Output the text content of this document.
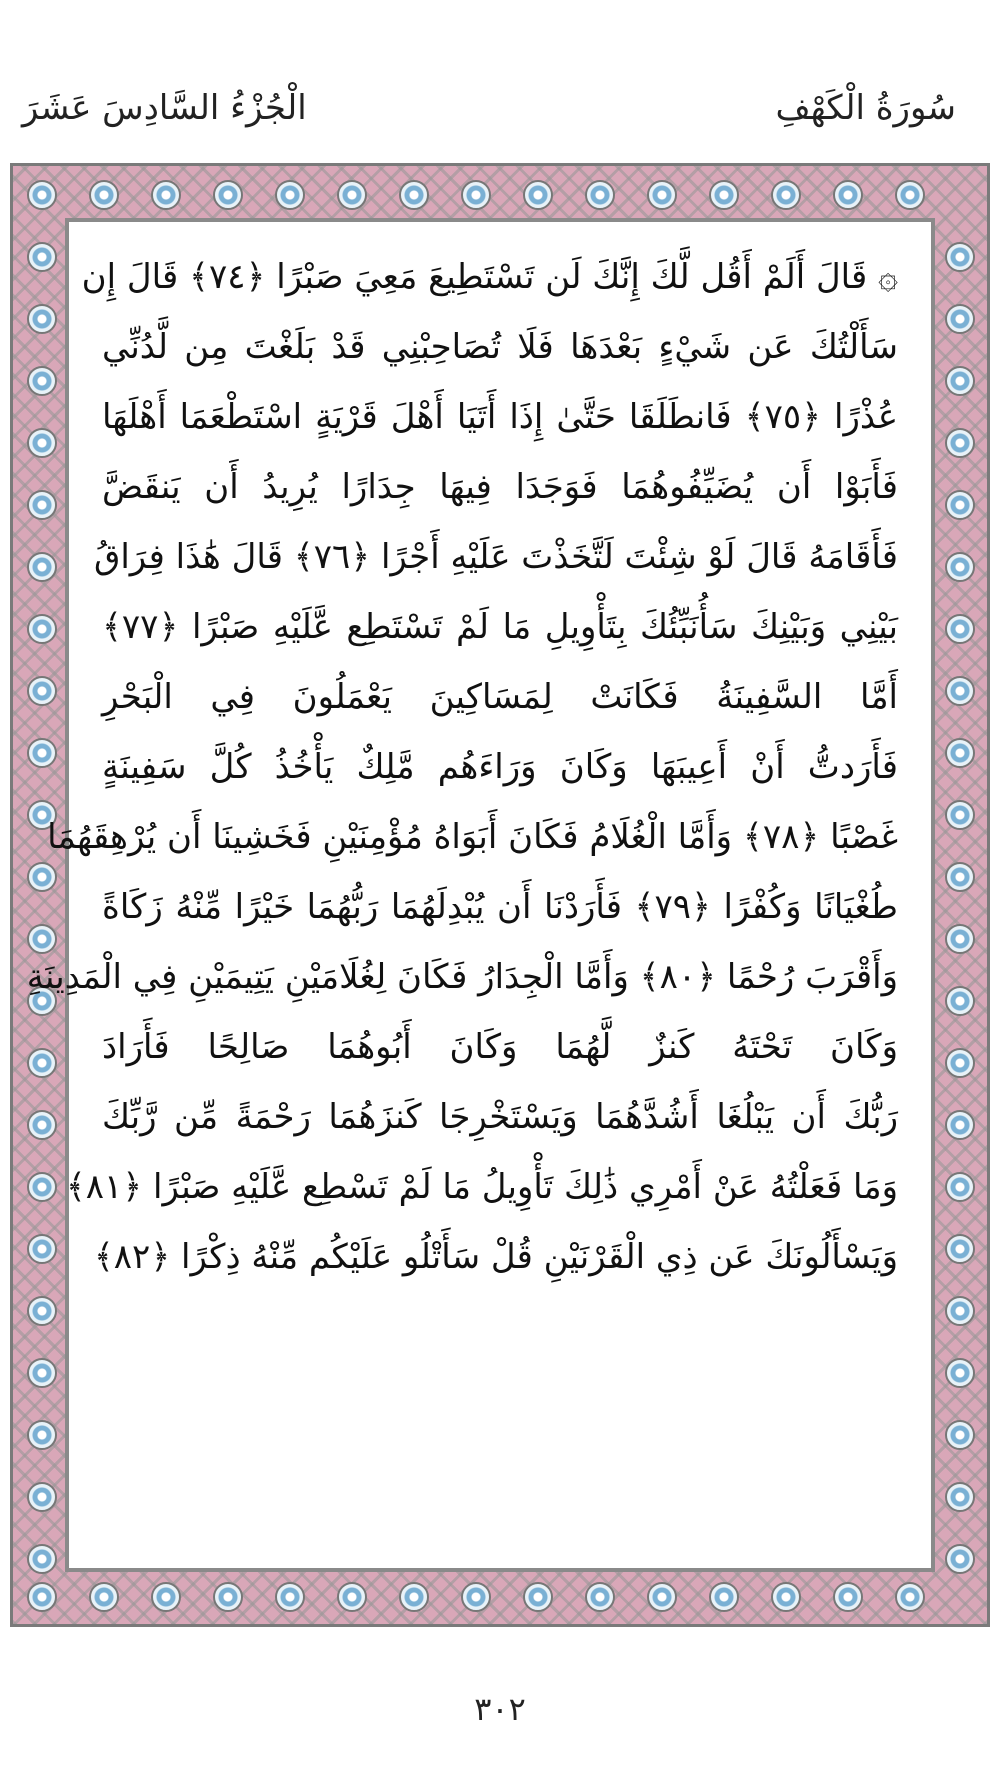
سُورَةُ الْكَهْفِ
الْجُزْءُ السَّادِسَ عَشَرَ
۞ قَالَ أَلَمْ أَقُل لَّكَ إِنَّكَ لَن تَسْتَطِيعَ مَعِيَ صَبْرًا ﴿٧٤﴾ قَالَ إِن
سَأَلْتُكَ عَن شَيْءٍ بَعْدَهَا فَلَا تُصَاحِبْنِي قَدْ بَلَغْتَ مِن لَّدُنِّي
عُذْرًا ﴿٧٥﴾ فَانطَلَقَا حَتَّىٰ إِذَا أَتَيَا أَهْلَ قَرْيَةٍ اسْتَطْعَمَا أَهْلَهَا
فَأَبَوْا أَن يُضَيِّفُوهُمَا فَوَجَدَا فِيهَا جِدَارًا يُرِيدُ أَن يَنقَضَّ
فَأَقَامَهُ قَالَ لَوْ شِئْتَ لَتَّخَذْتَ عَلَيْهِ أَجْرًا ﴿٧٦﴾ قَالَ هَٰذَا فِرَاقُ
بَيْنِي وَبَيْنِكَ سَأُنَبِّئُكَ بِتَأْوِيلِ مَا لَمْ تَسْتَطِع عَّلَيْهِ صَبْرًا ﴿٧٧﴾
أَمَّا السَّفِينَةُ فَكَانَتْ لِمَسَاكِينَ يَعْمَلُونَ فِي الْبَحْرِ
فَأَرَدتُّ أَنْ أَعِيبَهَا وَكَانَ وَرَاءَهُم مَّلِكٌ يَأْخُذُ كُلَّ سَفِينَةٍ
غَصْبًا ﴿٧٨﴾ وَأَمَّا الْغُلَامُ فَكَانَ أَبَوَاهُ مُؤْمِنَيْنِ فَخَشِينَا أَن يُرْهِقَهُمَا
طُغْيَانًا وَكُفْرًا ﴿٧٩﴾ فَأَرَدْنَا أَن يُبْدِلَهُمَا رَبُّهُمَا خَيْرًا مِّنْهُ زَكَاةً
وَأَقْرَبَ رُحْمًا ﴿٨٠﴾ وَأَمَّا الْجِدَارُ فَكَانَ لِغُلَامَيْنِ يَتِيمَيْنِ فِي الْمَدِينَةِ
وَكَانَ تَحْتَهُ كَنزٌ لَّهُمَا وَكَانَ أَبُوهُمَا صَالِحًا فَأَرَادَ
رَبُّكَ أَن يَبْلُغَا أَشُدَّهُمَا وَيَسْتَخْرِجَا كَنزَهُمَا رَحْمَةً مِّن رَّبِّكَ
وَمَا فَعَلْتُهُ عَنْ أَمْرِي ذَٰلِكَ تَأْوِيلُ مَا لَمْ تَسْطِع عَّلَيْهِ صَبْرًا ﴿٨١﴾
وَيَسْأَلُونَكَ عَن ذِي الْقَرْنَيْنِ قُلْ سَأَتْلُو عَلَيْكُم مِّنْهُ ذِكْرًا ﴿٨٢﴾
٣٠٢
